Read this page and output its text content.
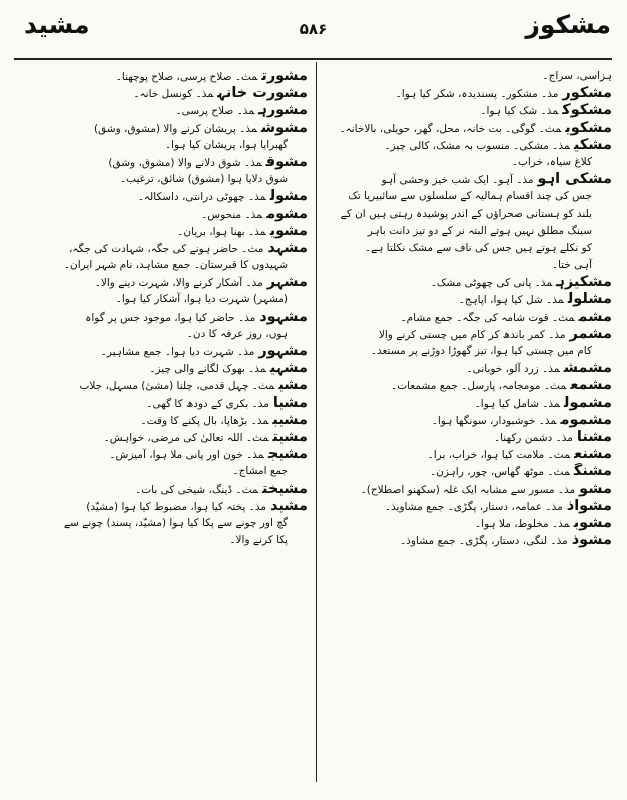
مشکوز
۵۸۶
مشید
ہزاسی، سراج۔
مشکورمذ۔ مشکور۔ پسندیدہ، شکر کیا ہوا۔
مشکوکمذ۔ شک کیا ہوا۔
مشکویمث۔ گوگی۔ بت خانہ، محل، گھر، حویلی، بالاخانہ۔
مشکیمذ۔ مشکی۔ منسوب بہ مشک، کالی چیز۔
کلاغ سیاہ، خراب۔
مشکی آہومذ۔ آہو۔ ایک شب خیز وحشی آہو
جس کی چند اقسام ہمالیہ کے سلسلوں سے سائبیریا تک
بلند کو ہستانی صحراؤں کے اندر پوشیدہ رہتی ہیں ان کے
سینگ مطلق نہیں ہوتے البتہ نر کے دو تیز دانت باہر
کو نکلے ہوتے ہیں جس کی ناف سے مشک نکلتا ہے۔
آہی ختا۔
مشکیزہمذ۔ پانی کی چھوٹی مشک۔
مشلولمذ۔ شل کیا ہوا، اپاہج۔
مشممث۔ قوت شامہ کی جگہ۔ جمع مشام۔
مشمرمذ۔ کمر باندھ کر کام میں چستی کرنے والا
کام میں چستی کیا ہوا، تیز گھوڑا دوڑنے پر مستعد۔
مشمشمذ۔ زرد آلو، خوبانی۔
مشمعمث۔ مومجامہ، پارسل۔ جمع مشمعات۔
مشمولمذ۔ شامل کیا ہوا۔
مشموممذ۔ خوشبودار، سونگھا ہوا۔
مشنامذ۔ دشمن رکھنا۔
مشنعمث۔ ملامت کیا ہوا، خراب، برا۔
مشنگمث۔ موٹھ گھاس، چور، راہزن۔
مشومذ۔ مسور سے مشابہ ایک غلہ (سکھنو اصطلاح)۔
مشواذمذ۔ عمامہ، دستار، پگڑی۔ جمع مشاویذ۔
مشوبمذ۔ مخلوط، ملا ہوا۔
مشوذمذ۔ لنگی، دستار، پگڑی۔ جمع مشاوذ۔
مشورتمث۔ صلاح پرسی، صلاح پوچھنا۔
مشورت خانہمذ۔ کونسل خانہ۔
مشورہمذ۔ صلاح پرسی۔
مشوشمذ۔ پریشان کرنے والا (مشوق، وشق)
گھبرایا ہوا، پریشان کیا ہوا۔
مشوقمذ۔ شوق دلانے والا (مشوق، وشق)
شوق دلایا ہوا (مشوق) شائق، ترغیب۔
مشولمذ۔ چھوٹی درانتی، داسکالہ۔
مشوممذ۔ منحوس۔
مشویمذ۔ بھنا ہوا، بریان۔
مشہدمث۔ حاضر ہونے کی جگہ، شہادت کی جگہ،
شہیدوں کا قبرستان۔ جمع مشاہد، نام شہر ایران۔
مشہرمذ۔ آشکار کرنے والا، شہرت دینے والا۔
(مشہر) شہرت دیا ہوا، آشکار کیا ہوا۔
مشہودمذ۔ حاضر کیا ہوا، موجود جس پر گواہ
ہوں، روز عرفہ کا دن۔
مشہورمذ۔ شہرت دیا ہوا۔ جمع مشاہیر۔
مشہیمذ۔ بھوک لگانے والی چیز۔
مشیمث۔ چہل قدمی، چلنا (مشیٔ) مسہل، جلاب
مشیامذ۔ بکری کے دودھ کا گھی۔
مشیبمذ۔ بڑھاپا، بال پکنے کا وقت۔
مشیتمث۔ اللہ تعالیٰ کی مرضی، خواہش۔
مشیجمذ۔ خون اور پانی ملا ہوا، آمیزش۔
جمع امشاج۔
مشیختمث۔ ڈینگ، شیخی کی بات۔
مشیدمذ۔ پختہ کیا ہوا، مضبوط کیا ہوا (مشیّد)
گچ اور چونے سے پکا کیا ہوا (مشیّد، پسند) چونے سے
پکا کرنے والا۔
